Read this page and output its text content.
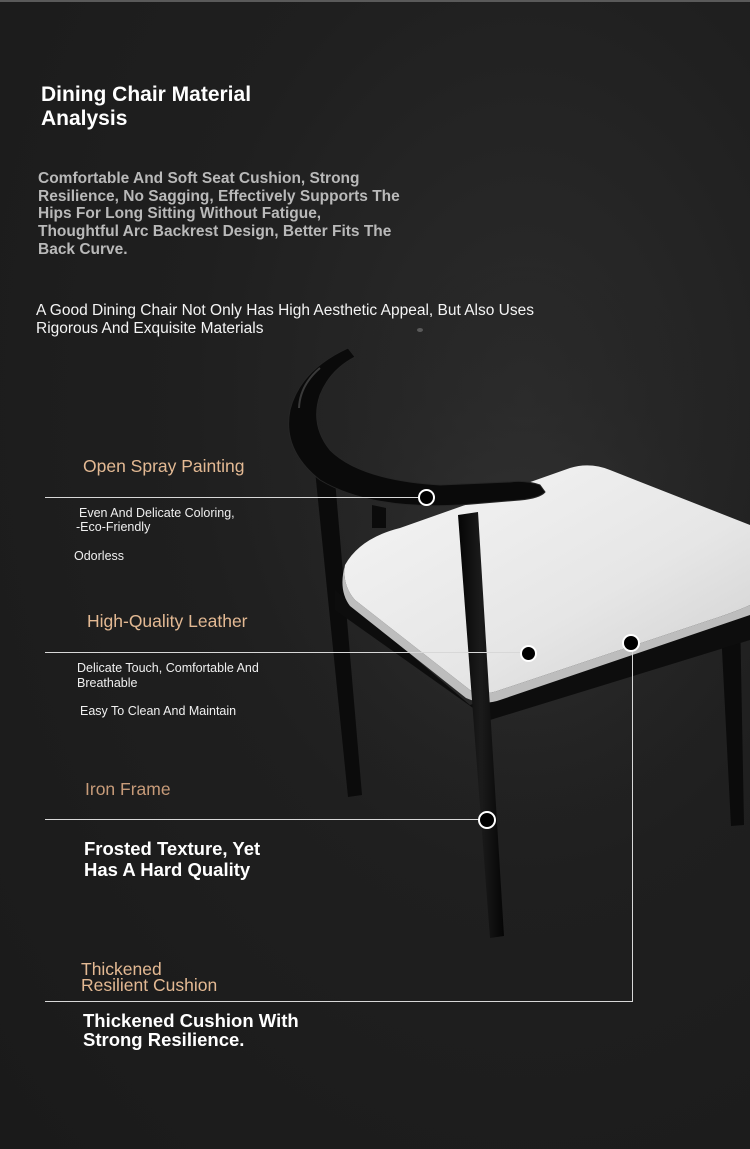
Dining Chair Material
Analysis
Comfortable And Soft Seat Cushion, Strong
Resilience, No Sagging, Effectively Supports The
Hips For Long Sitting Without Fatigue,
Thoughtful Arc Backrest Design, Better Fits The
Back Curve.
A Good Dining Chair Not Only Has High Aesthetic Appeal, But Also Uses
Rigorous And Exquisite Materials
Open Spray Painting
Even And Delicate Coloring,
-Eco-Friendly
Odorless
High-Quality Leather
Delicate Touch, Comfortable And
Breathable
Easy To Clean And Maintain
Iron Frame
Frosted Texture, Yet
Has A Hard Quality
Thickened
Resilient Cushion
Thickened Cushion With
Strong Resilience.
